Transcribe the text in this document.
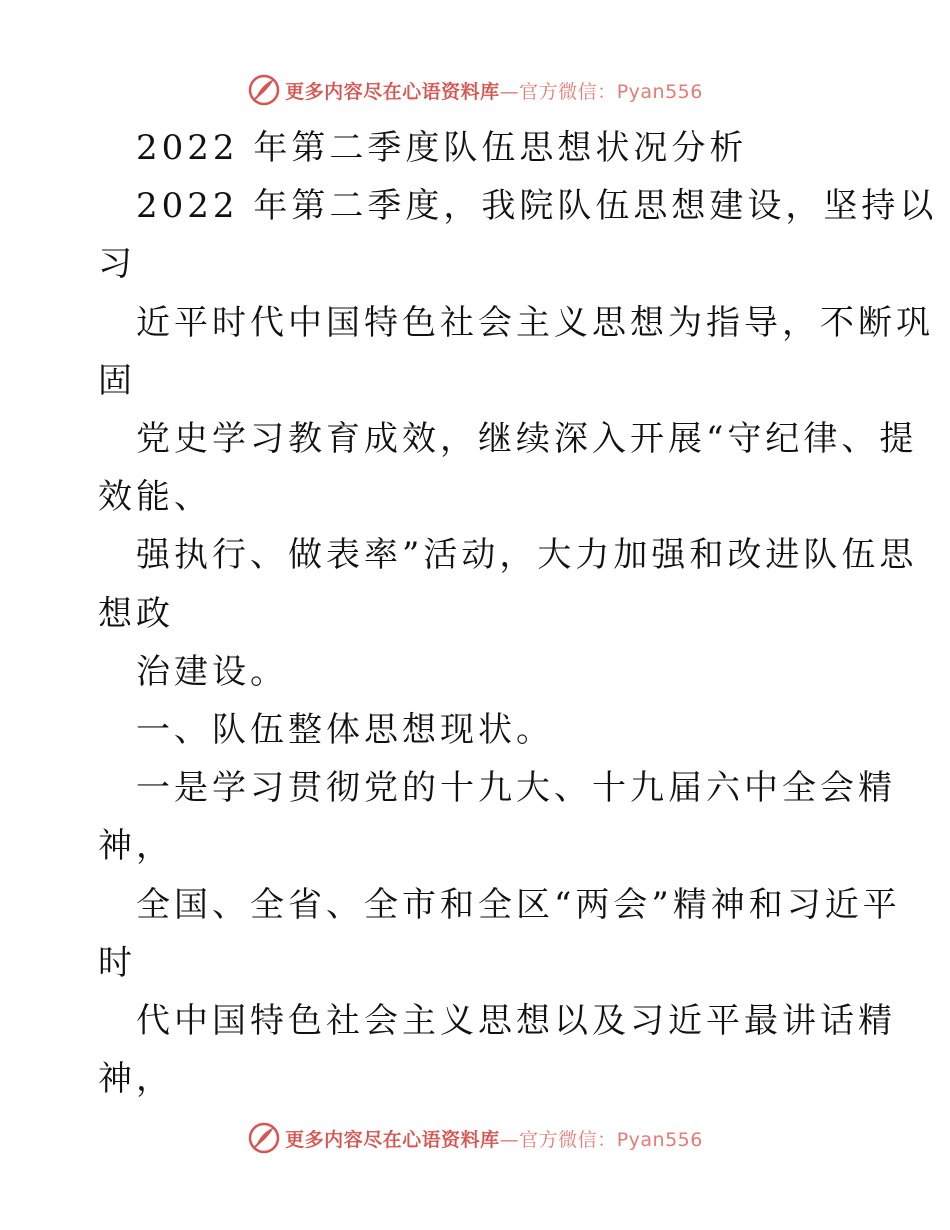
更多内容尽在心语资料库—官方微信：Pyan556
2022 年第二季度队伍思想状况分析
2022 年第二季度，我院队伍思想建设，坚持以
习
近平时代中国特色社会主义思想为指导，不断巩
固
党史学习教育成效，继续深入开展“守纪律、提
效能、
强执行、做表率”活动，大力加强和改进队伍思
想政
治建设。
一、队伍整体思想现状。
一是学习贯彻党的十九大、十九届六中全会精
神，
全国、全省、全市和全区“两会”精神和习近平
时
代中国特色社会主义思想以及习近平最讲话精
神，
更多内容尽在心语资料库—官方微信：Pyan556
